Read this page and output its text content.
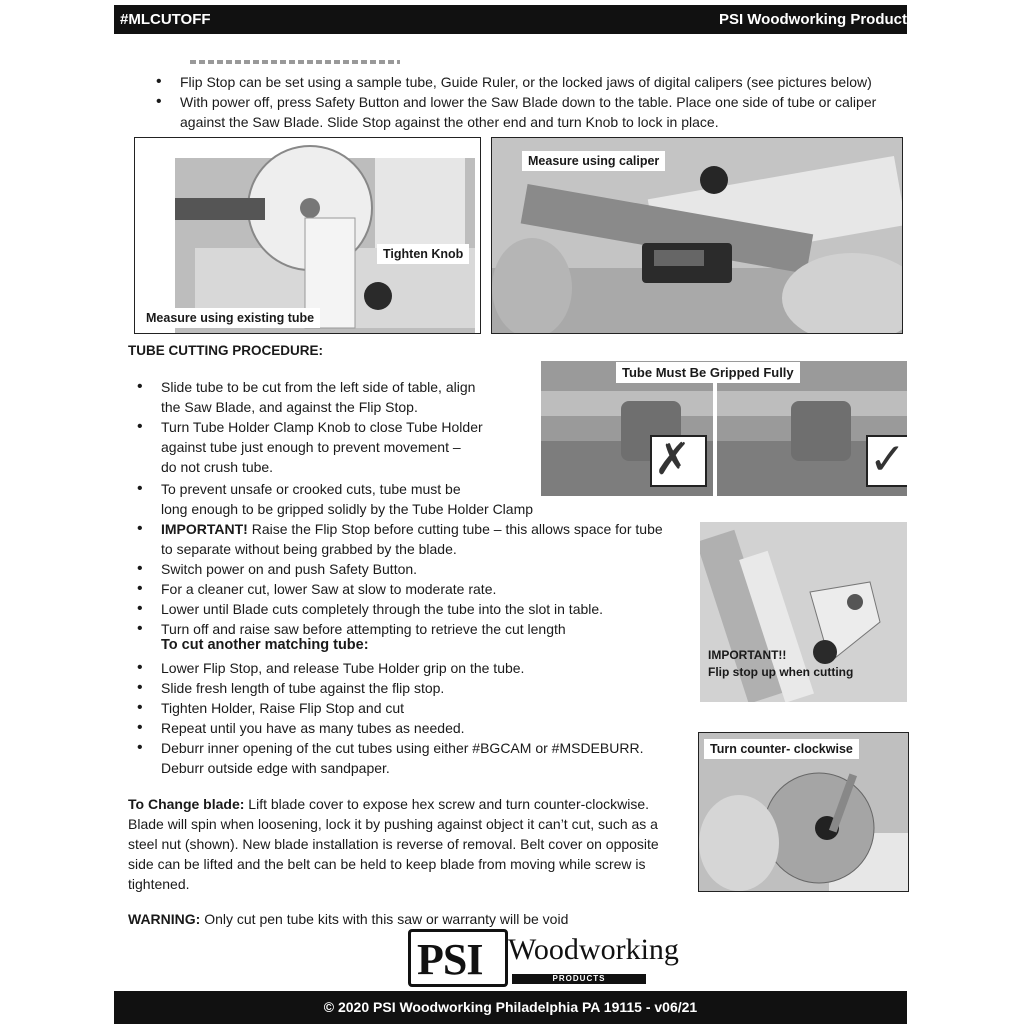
#MLCUTOFF	PSI Woodworking Product
• Flip Stop can be set using a sample tube, Guide Ruler, or the locked jaws of digital calipers (see pictures below)
• With power off, press Safety Button and lower the Saw Blade down to the table. Place one side of tube or caliper against the Saw Blade. Slide Stop against the other end and turn Knob to lock in place.
Tighten Knob
Measure using existing tube
Measure using caliper
TUBE CUTTING PROCEDURE:
• Slide tube to be cut from the left side of table, align
the Saw Blade, and against the Flip Stop.
• Turn Tube Holder Clamp Knob to close Tube Holder
against tube just enough to prevent movement –
do not crush tube.
• To prevent unsafe or crooked cuts, tube must be
long enough to be gripped solidly by the Tube Holder Clamp
• IMPORTANT! Raise the Flip Stop before cutting tube – this allows space for tube
to separate without being grabbed by the blade.
• Switch power on and push Safety Button.
• For a cleaner cut, lower Saw at slow to moderate rate.
• Lower until Blade cuts completely through the tube into the slot in table.
• Turn off and raise saw before attempting to retrieve the cut length
To cut another matching tube:
• Lower Flip Stop, and release Tube Holder grip on the tube.
• Slide fresh length of tube against the flip stop.
• Tighten Holder, Raise Flip Stop and cut
• Repeat until you have as many tubes as needed.
• Deburr inner opening of the cut tubes using either #BGCAM or #MSDEBURR.
Deburr outside edge with sandpaper.
To Change blade: Lift blade cover to expose hex screw and turn counter-clockwise.
Blade will spin when loosening, lock it by pushing against object it can’t cut, such as a
steel nut (shown). New blade installation is reverse of removal. Belt cover on opposite
side can be lifted and the belt can be held to keep blade from moving while screw is
tightened.
WARNING: Only cut pen tube kits with this saw or warranty will be void
Tube Must Be Gripped Fully
✗	✓
IMPORTANT!!
Flip stop up when cutting
Turn counter- clockwise
PSI Woodworking
PRODUCTS
© 2020 PSI Woodworking Philadelphia PA 19115 - v06/21
